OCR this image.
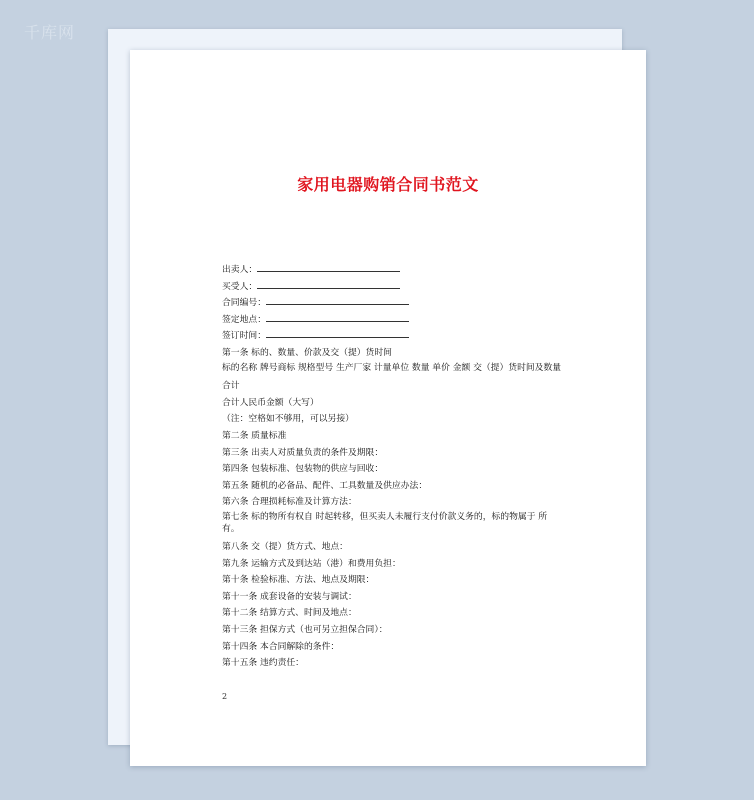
千库网
家用电器购销合同书范文
出卖人：
买受人：
合同编号：
签定地点：
签订时间：
第一条 标的、数量、价款及交（提）货时间
标的名称 牌号商标 规格型号 生产厂家 计量单位 数量 单价 金额 交（提）货时间及数量
合计
合计人民币金额（大写）
（注：空格如不够用，可以另接）
第二条 质量标准
第三条 出卖人对质量负责的条件及期限：
第四条 包装标准、包装物的供应与回收：
第五条 随机的必备品、配件、工具数量及供应办法：
第六条 合理损耗标准及计算方法：
第七条 标的物所有权自 时起转移，但买卖人未履行支付价款义务的，标的物属于 所有。
第八条 交（提）货方式、地点：
第九条 运输方式及到达站（港）和费用负担：
第十条 检验标准、方法、地点及期限：
第十一条 成套设备的安装与调试：
第十二条 结算方式、时间及地点：
第十三条 担保方式（也可另立担保合同）：
第十四条 本合同解除的条件：
第十五条 违约责任：
2
